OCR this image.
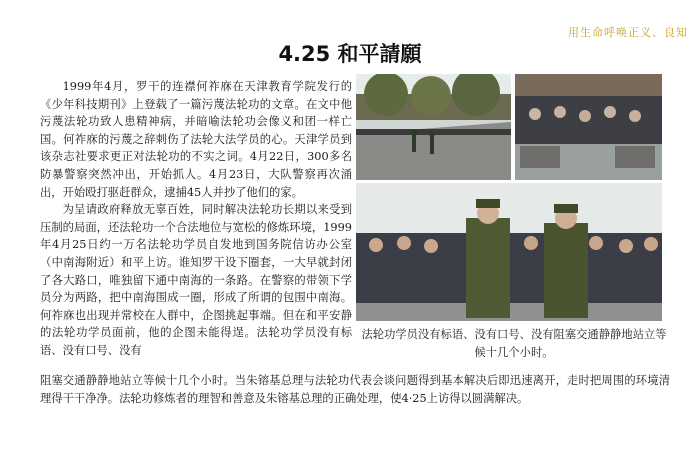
用生命呼唤正义、良知
4.25 和平請願

1999年4月，罗干的连襟何祚庥在天津教育学院发行的《少年科技期刊》上登载了一篇污蔑法轮功的文章。在文中他污蔑法轮功致人患精神病，并暗喻法轮功会像义和团一样亡国。何祚庥的污蔑之辞刺伤了法轮大法学员的心。天津学员到该杂志社要求更正对法轮功的不实之词。4月22日，300多名防暴警察突然冲出，开始抓人。4月23日，大队警察再次涌出，开始殴打驱赶群众，逮捕45人并抄了他们的家。

为呈请政府释放无辜百姓，同时解决法轮功长期以来受到压制的局面，还法轮功一个合法地位与宽松的修炼环境，1999年4月25日约一万名法轮功学员自发地到国务院信访办公室（中南海附近）和平上访。谁知罗干设下圈套，一大早就封闭了各大路口，唯独留下通中南海的一条路。在警察的带领下学员分为两路，把中南海围成一圈，形成了所谓的包围中南海。何祚庥也出现并常校在人群中，企图挑起事端。但在和平安静的法轮功学员面前，他的企图未能得逞。法轮功学员没有标语、没有口号、没有

法轮功学员没有标语、没有口号、没有阻塞交通静静地站立等候十几个小时。

阻塞交通静静地站立等候十几个小时。当朱镕基总理与法轮功代表会谈问题得到基本解决后即迅速离开，走时把周围的环境清理得干干净净。法轮功修炼者的理智和善意及朱镕基总理的正确处理，使4·25上访得以圆满解决。
